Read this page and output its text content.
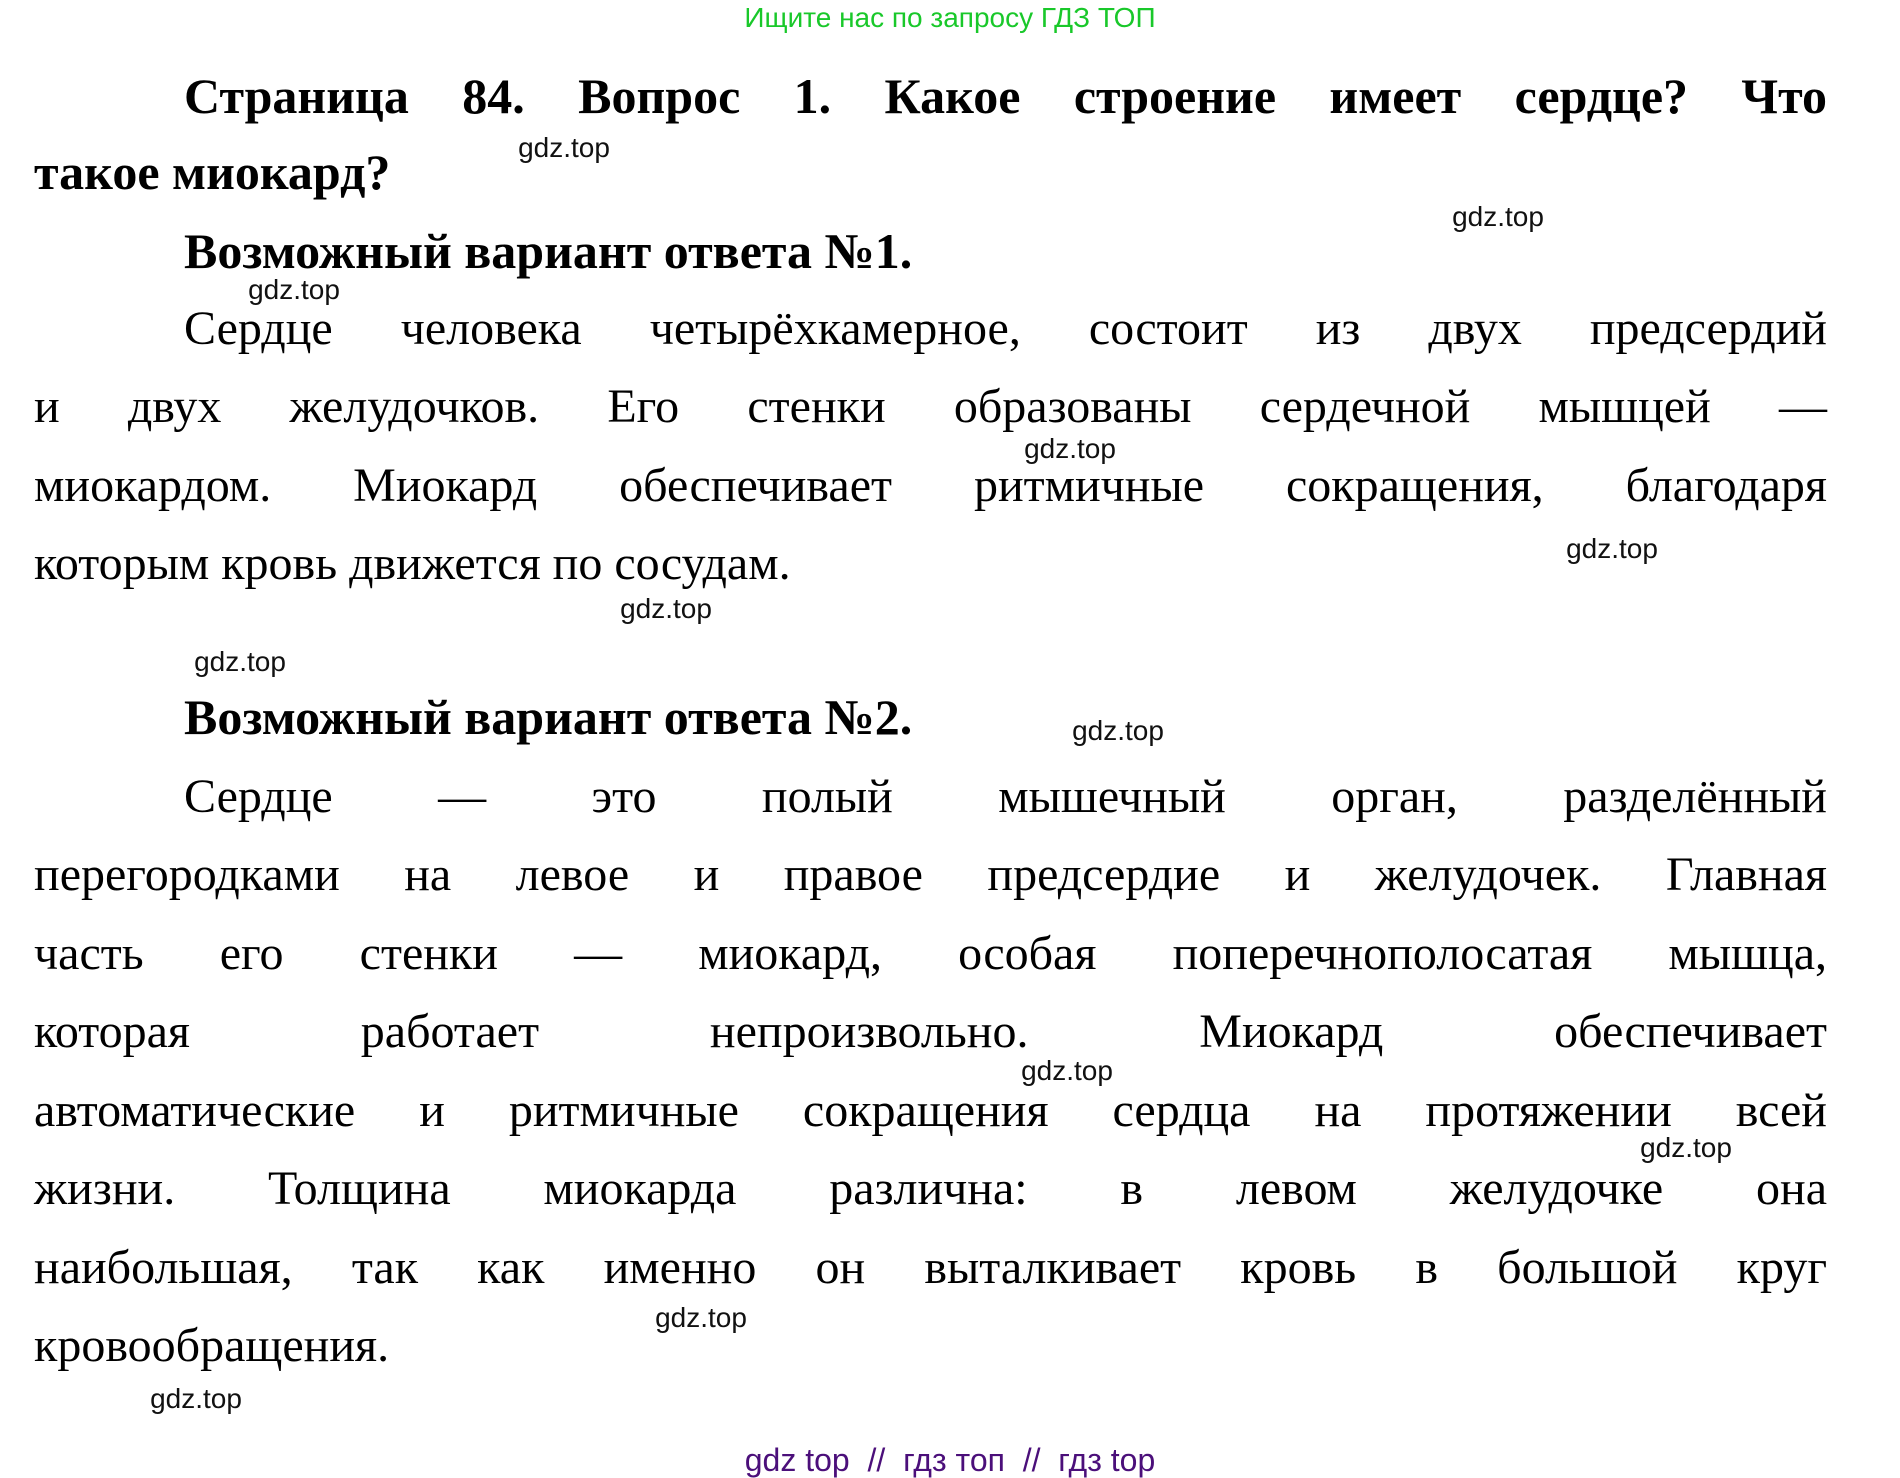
Ищите нас по запросу ГДЗ ТОП
Страница 84. Вопрос 1. Какое строение имеет сердце? Что
такое миокард?
Возможный вариант ответа №1.
Сердце человека четырёхкамерное, состоит из двух предсердий
и двух желудочков. Его стенки образованы сердечной мышцей —
миокардом. Миокард обеспечивает ритмичные сокращения, благодаря
которым кровь движется по сосудам.
Возможный вариант ответа №2.
Сердце — это полый мышечный орган, разделённый
перегородками на левое и правое предсердие и желудочек. Главная
часть его стенки — миокард, особая поперечнополосатая мышца,
которая работает непроизвольно. Миокард обеспечивает
автоматические и ритмичные сокращения сердца на протяжении всей
жизни. Толщина миокарда различна: в левом желудочке она
наибольшая, так как именно он выталкивает кровь в большой круг
кровообращения.
gdz.top
gdz.top
gdz.top
gdz.top
gdz.top
gdz.top
gdz.top
gdz.top
gdz.top
gdz.top
gdz.top
gdz.top
gdz top  //  гдз топ  //  гдз top
